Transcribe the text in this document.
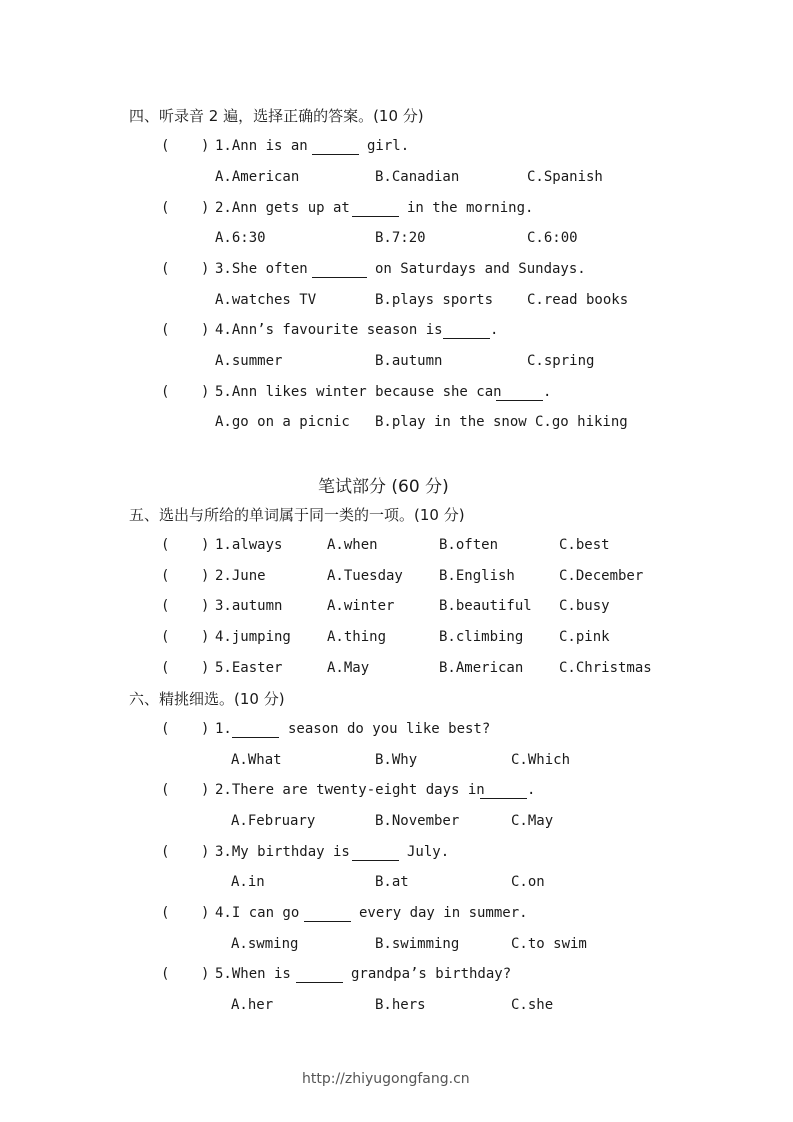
四、听录音 2 遍，选择正确的答案。(10 分)
( ) 1.Ann is an	girl.
A.American	B.Canadian	C.Spanish
( ) 2.Ann gets up at	in the morning.
A.6:30	B.7:20	C.6:00
( ) 3.She often	on Saturdays and Sundays.
A.watches TV	B.plays sports C.read books
( ) 4.Ann’s favourite season is	.
A.summer	B.autumn	C.spring
( ) 5.Ann likes winter because she can	.
A.go on a picnic B.play in the snow C.go hiking
笔试部分 (60 分)
五、选出与所给的单词属于同一类的一项。(10 分)
( ) 1.always	A.when	B.often	C.best
( ) 2.June	A.Tuesday	B.English	C.December
( ) 3.autumn	A.winter	B.beautiful C.busy
( ) 4.jumping	A.thing	B.climbing	C.pink
( ) 5.Easter	A.May	B.American	C.Christmas
六、精挑细选。(10 分)
( ) 1.	season do you like best?
A.What	B.Why	C.Which
( ) 2.There are twenty-eight days in	.
A.February	B.November	C.May
( ) 3.My birthday is	July.
A.in	B.at	C.on
( ) 4.I can go	every day in summer.
A.swming	B.swimming	C.to swim
( ) 5.When is	grandpa’s birthday?
A.her	B.hers	C.she
http://zhiyugongfang.cn
